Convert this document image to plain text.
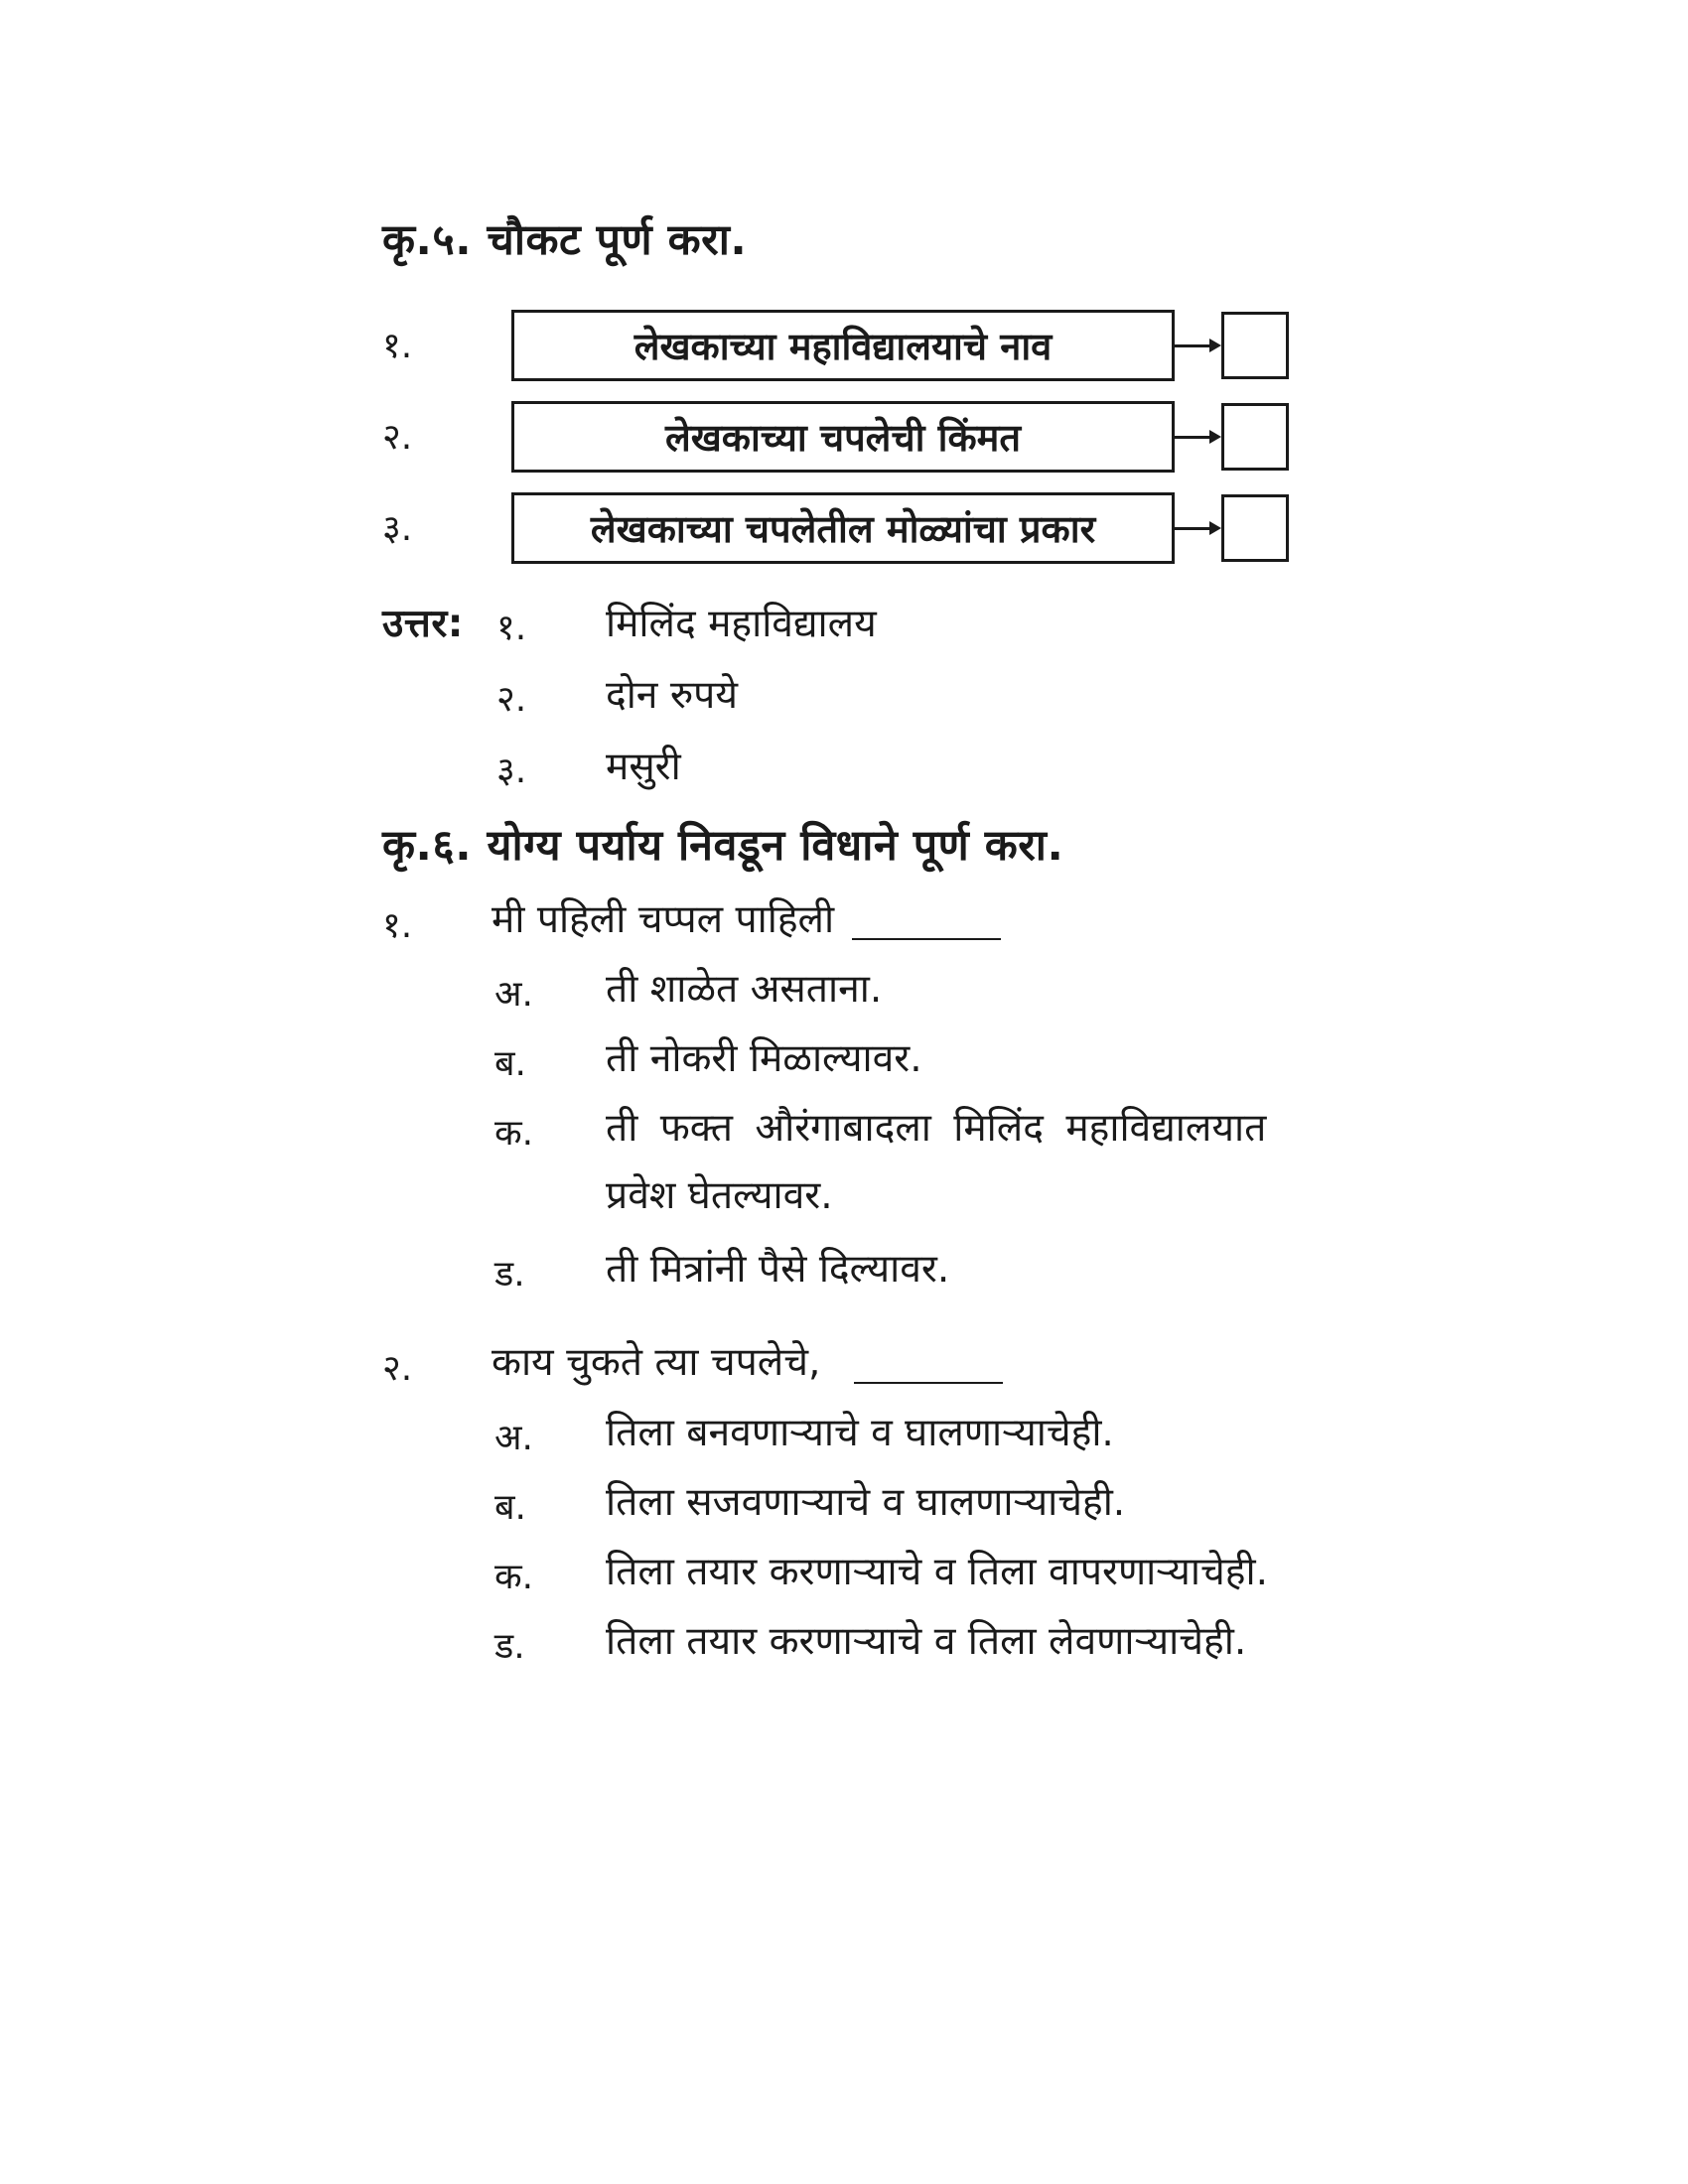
कृ.५. चौकट पूर्ण करा.
१.	लेखकाच्या महाविद्यालयाचे नाव
२.	लेखकाच्या चपलेची किंमत
३.	लेखकाच्या चपलेतील मोळ्यांचा प्रकार
उत्तर: १. मिलिंद महाविद्यालय
२. दोन रुपये
३. मसुरी
कृ.६. योग्य पर्याय निवडून विधाने पूर्ण करा.
१. मी पहिली चप्पल पाहिली
अ. ती शाळेत असताना.
ब. ती नोकरी मिळाल्यावर.
क. ती फक्त औरंगाबादला मिलिंद महाविद्यालयात
प्रवेश घेतल्यावर.
ड. ती मित्रांनी पैसे दिल्यावर.
२. काय चुकते त्या चपलेचे,
अ. तिला बनवणाऱ्याचे व घालणाऱ्याचेही.
ब. तिला सजवणाऱ्याचे व घालणाऱ्याचेही.
क. तिला तयार करणाऱ्याचे व तिला वापरणाऱ्याचेही.
ड. तिला तयार करणाऱ्याचे व तिला लेवणाऱ्याचेही.
